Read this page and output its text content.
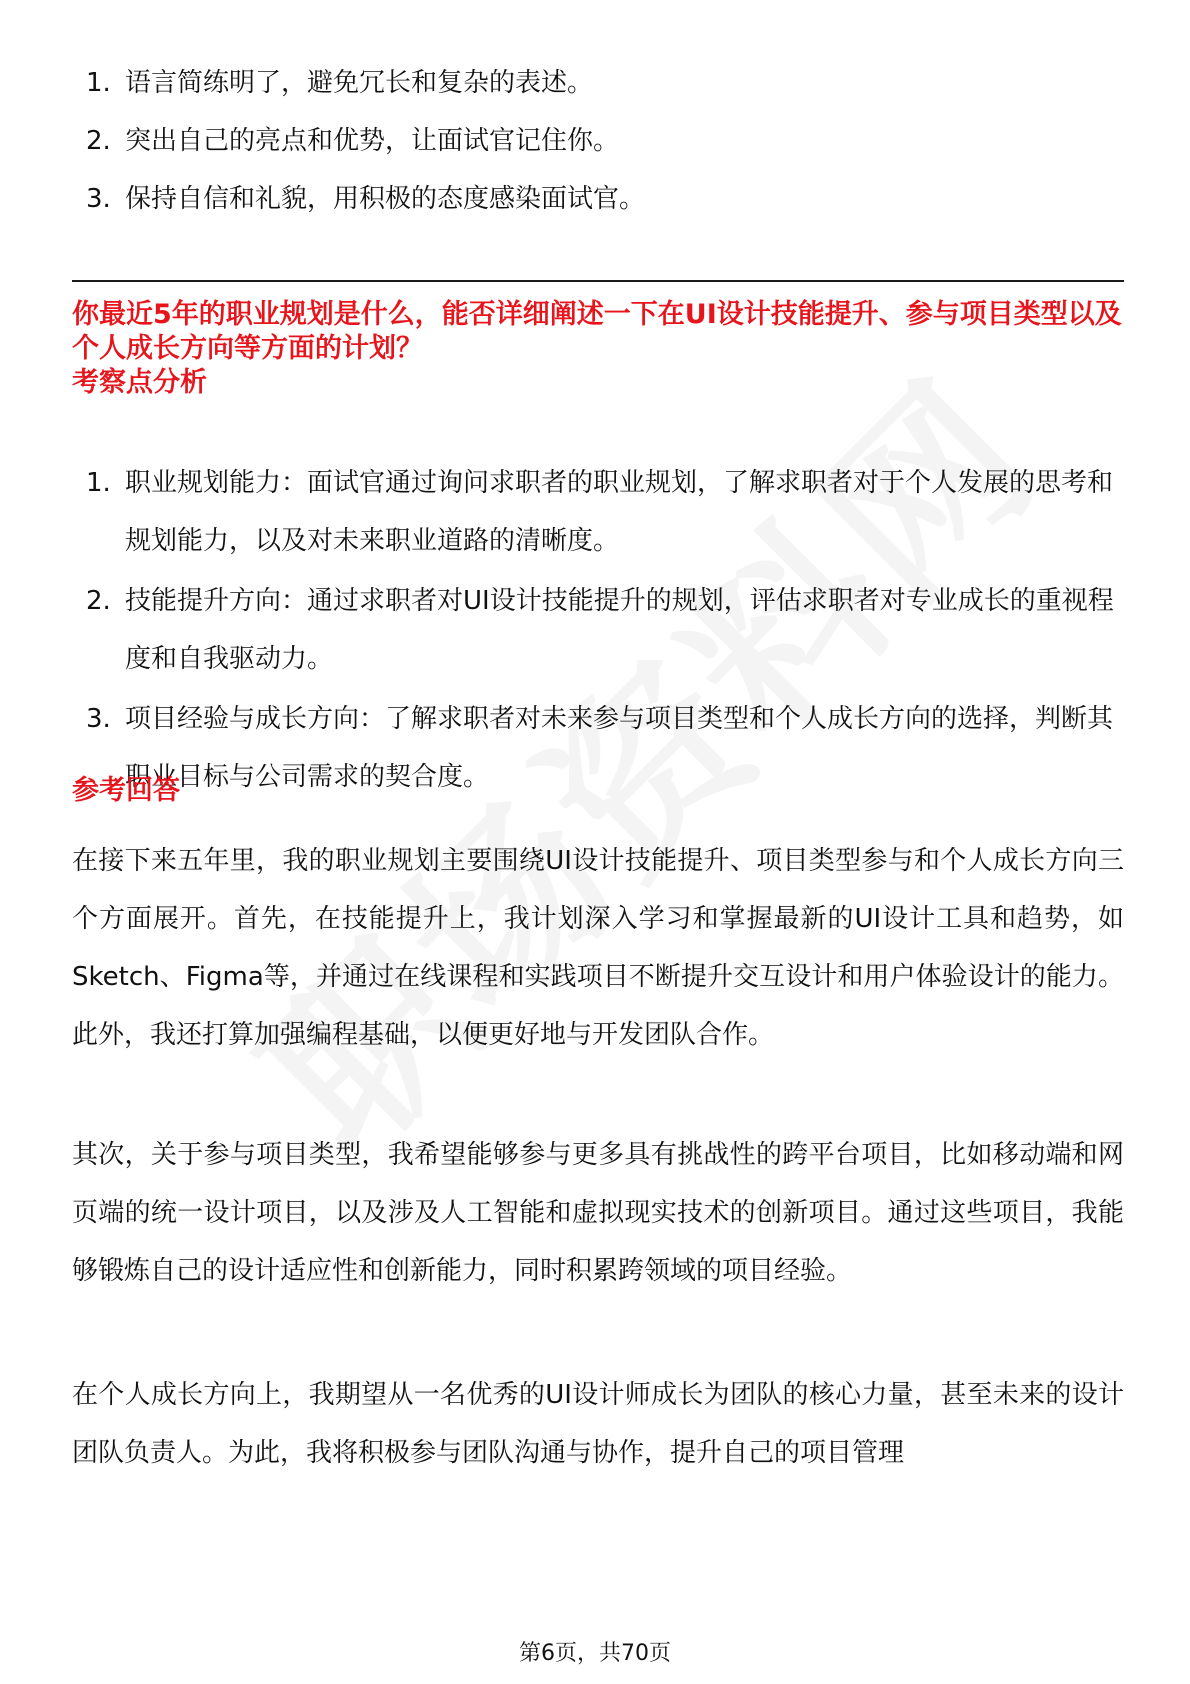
1. 语言简练明了，避免冗长和复杂的表述。
2. 突出自己的亮点和优势，让面试官记住你。
3. 保持自信和礼貌，用积极的态度感染面试官。
你最近5年的职业规划是什么，能否详细阐述一下在UI设计技能提升、参与项目类型以及个人成长方向等方面的计划？
考察点分析
1. 职业规划能力：面试官通过询问求职者的职业规划，了解求职者对于个人发展的思考和规划能力，以及对未来职业道路的清晰度。
2. 技能提升方向：通过求职者对UI设计技能提升的规划，评估求职者对专业成长的重视程度和自我驱动力。
3. 项目经验与成长方向：了解求职者对未来参与项目类型和个人成长方向的选择，判断其职业目标与公司需求的契合度。
参考回答

在接下来五年里，我的职业规划主要围绕UI设计技能提升、项目类型参与和个人成长方向三个方面展开。首先，在技能提升上，我计划深入学习和掌握最新的UI设计工具和趋势，如Sketch、Figma等，并通过在线课程和实践项目不断提升交互设计和用户体验设计的能力。此外，我还打算加强编程基础，以便更好地与开发团队合作。

其次，关于参与项目类型，我希望能够参与更多具有挑战性的跨平台项目，比如移动端和网页端的统一设计项目，以及涉及人工智能和虚拟现实技术的创新项目。通过这些项目，我能够锻炼自己的设计适应性和创新能力，同时积累跨领域的项目经验。

在个人成长方向上，我期望从一名优秀的UI设计师成长为团队的核心力量，甚至未来的设计团队负责人。为此，我将积极参与团队沟通与协作，提升自己的项目管理

第6页，共70页
